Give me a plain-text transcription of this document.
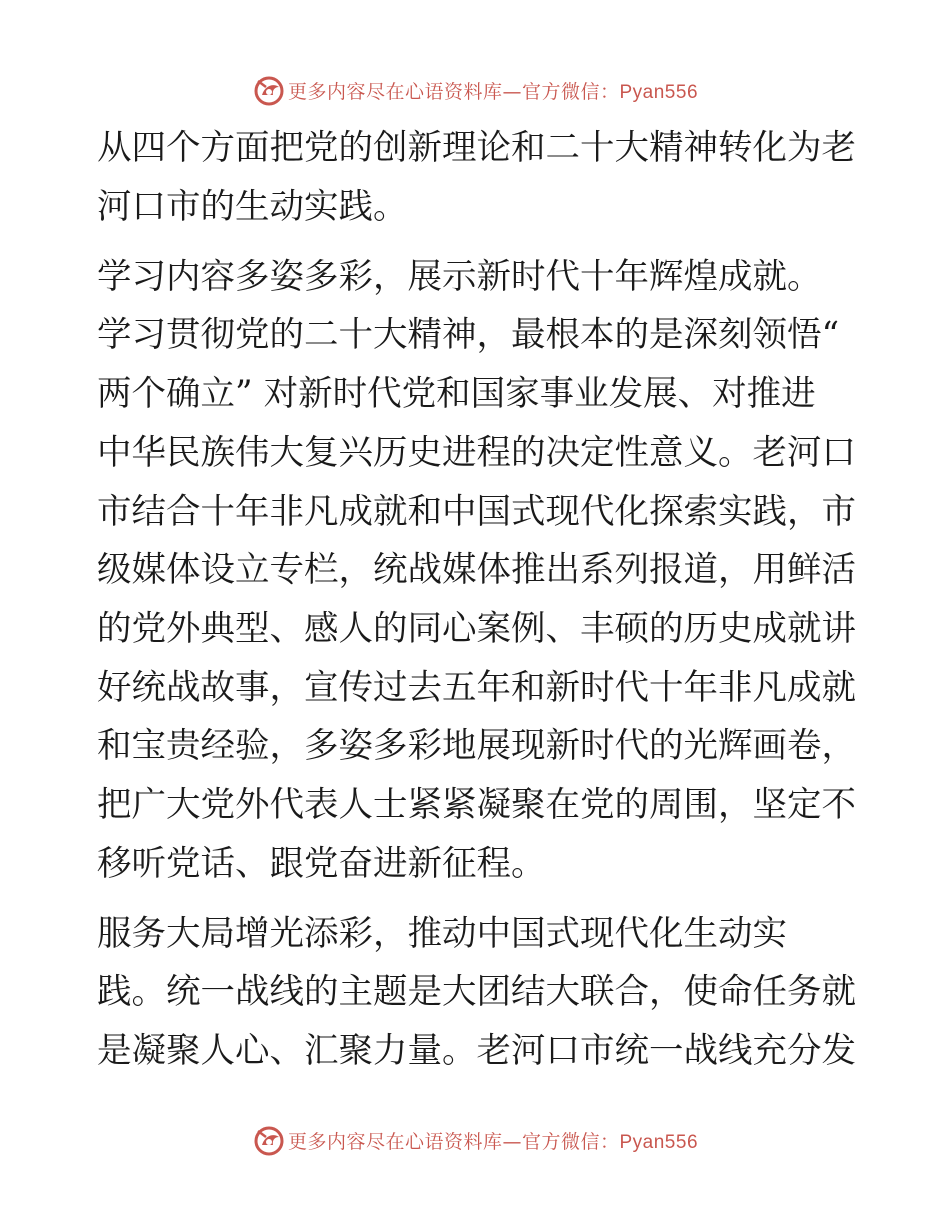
更多内容尽在心语资料库—官方微信：Pyan556
从四个方面把党的创新理论和二十大精神转化为老
河口市的生动实践。
学习内容多姿多彩，展示新时代十年辉煌成就。
学习贯彻党的二十大精神，最根本的是深刻领悟“
两个确立” 对新时代党和国家事业发展、对推进
中华民族伟大复兴历史进程的决定性意义。老河口
市结合十年非凡成就和中国式现代化探索实践，市
级媒体设立专栏，统战媒体推出系列报道，用鲜活
的党外典型、感人的同心案例、丰硕的历史成就讲
好统战故事，宣传过去五年和新时代十年非凡成就
和宝贵经验，多姿多彩地展现新时代的光辉画卷，
把广大党外代表人士紧紧凝聚在党的周围，坚定不
移听党话、跟党奋进新征程。
服务大局增光添彩，推动中国式现代化生动实
践。统一战线的主题是大团结大联合，使命任务就
是凝聚人心、汇聚力量。老河口市统一战线充分发
更多内容尽在心语资料库—官方微信：Pyan556
